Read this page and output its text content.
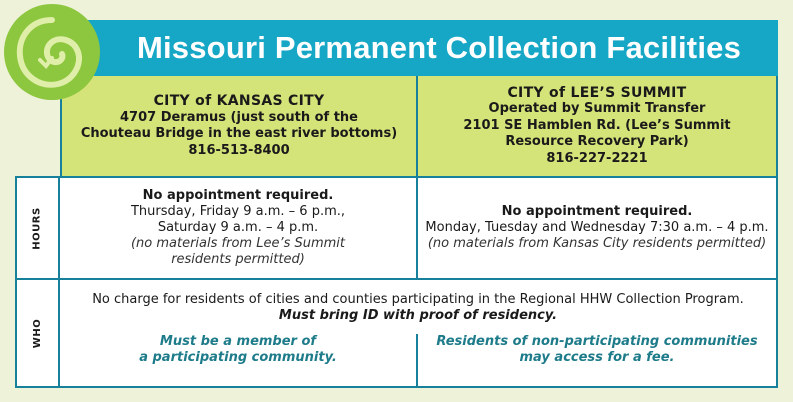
Missouri Permanent Collection Facilities
CITY of KANSAS CITY
4707 Deramus (just south of the
Chouteau Bridge in the east river bottoms)
816-513-8400
CITY of LEE’S SUMMIT
Operated by Summit Transfer
2101 SE Hamblen Rd. (Lee’s Summit
Resource Recovery Park)
816-227-2221
HOURS
No appointment required.
Thursday, Friday 9 a.m. – 6 p.m.,
Saturday 9 a.m. – 4 p.m.
(no materials from Lee’s Summit
residents permitted)
No appointment required.
Monday, Tuesday and Wednesday 7:30 a.m. – 4 p.m.
(no materials from Kansas City residents permitted)
WHO
No charge for residents of cities and counties participating in the Regional HHW Collection Program.
Must bring ID with proof of residency.
Must be a member of
a participating community.
Residents of non-participating communities
may access for a fee.
